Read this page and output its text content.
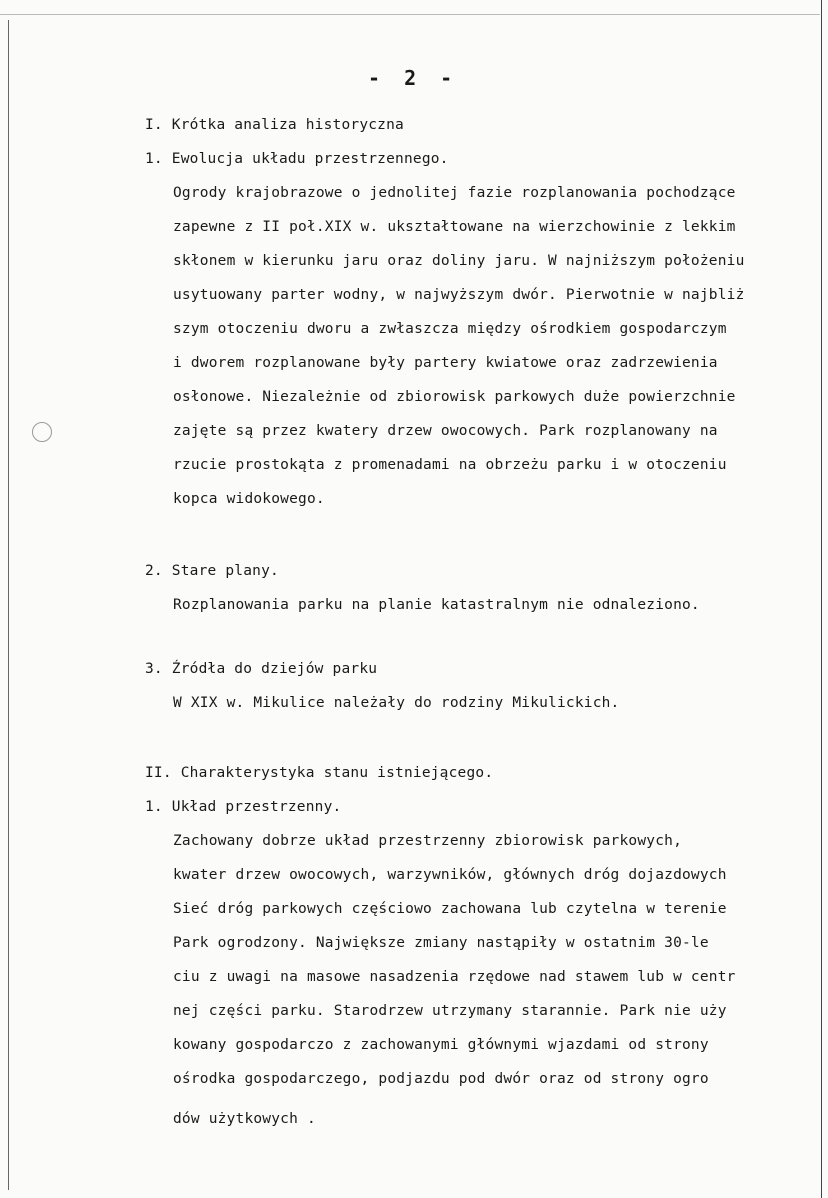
- 2 -
I. Krótka analiza historyczna
1. Ewolucja układu przestrzennego.
Ogrody krajobrazowe o jednolitej fazie rozplanowania pochodzące
zapewne z II poł.XIX w. ukształtowane na wierzchowinie z lekkim
skłonem w kierunku jaru oraz doliny jaru. W najniższym położeniu
usytuowany parter wodny, w najwyższym dwór. Pierwotnie w najbliż
szym otoczeniu dworu a zwłaszcza między ośrodkiem gospodarczym
i dworem rozplanowane były partery kwiatowe oraz zadrzewienia
osłonowe. Niezależnie od zbiorowisk parkowych duże powierzchnie
zajęte są przez kwatery drzew owocowych. Park rozplanowany na
rzucie prostokąta z promenadami na obrzeżu parku i w otoczeniu
kopca widokowego.
2. Stare plany.
Rozplanowania parku na planie katastralnym nie odnaleziono.
3. Źródła do dziejów parku
W XIX w. Mikulice należały do rodziny Mikulickich.
II. Charakterystyka stanu istniejącego.
1. Układ przestrzenny.
Zachowany dobrze układ przestrzenny zbiorowisk parkowych,
kwater drzew owocowych, warzywników, głównych dróg dojazdowych
Sieć dróg parkowych częściowo zachowana lub czytelna w terenie
Park ogrodzony. Największe zmiany nastąpiły w ostatnim 30-le
ciu z uwagi na masowe nasadzenia rzędowe nad stawem lub w centr
nej części parku. Starodrzew utrzymany starannie. Park nie uży
kowany gospodarczo z zachowanymi głównymi wjazdami od strony
ośrodka gospodarczego, podjazdu pod dwór oraz od strony ogro
dów użytkowych .
